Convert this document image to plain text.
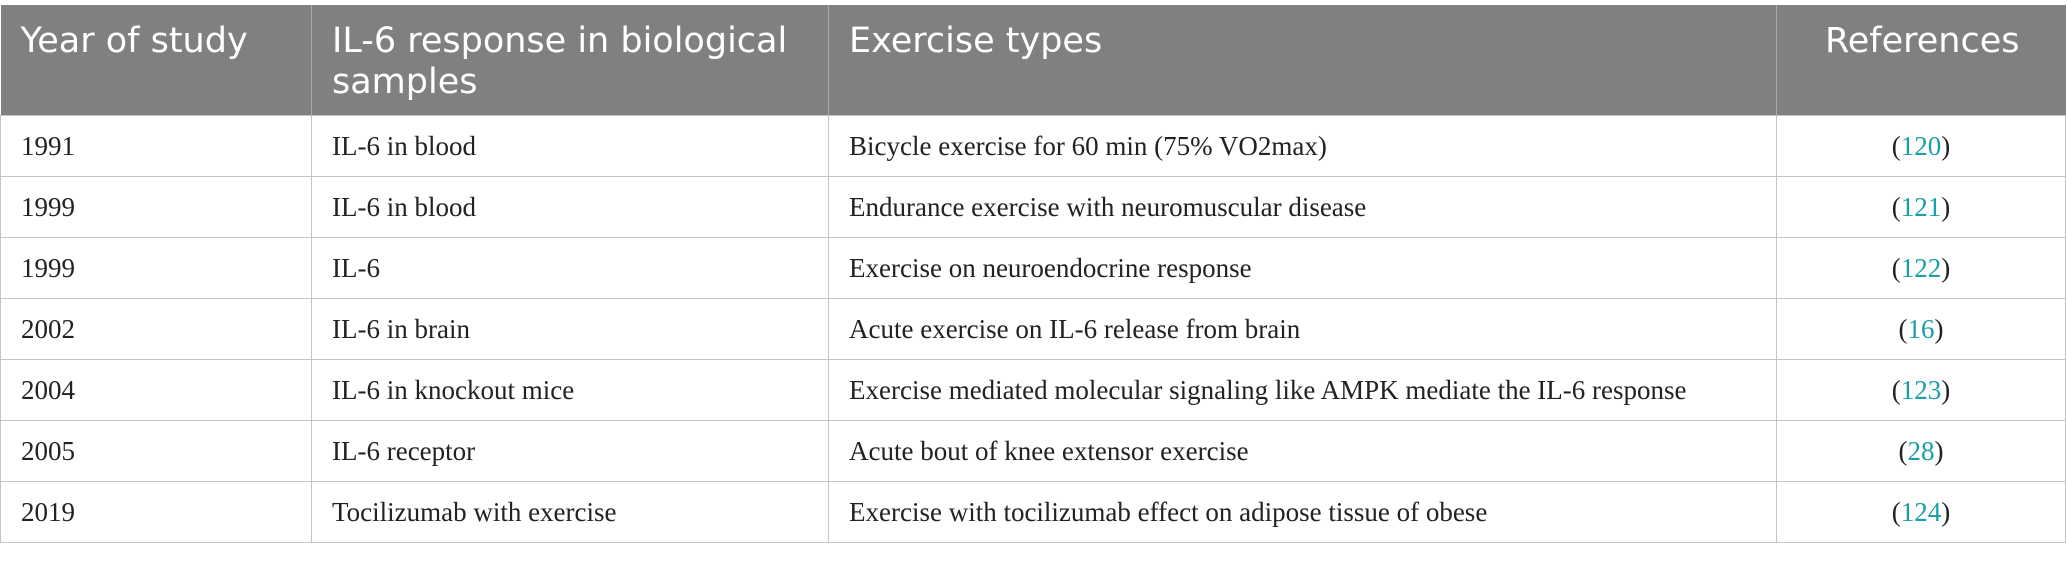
Year of study	IL-6 response in biological samples	Exercise types	References
1991	IL-6 in blood	Bicycle exercise for 60 min (75% VO2max)	(120)
1999	IL-6 in blood	Endurance exercise with neuromuscular disease	(121)
1999	IL-6	Exercise on neuroendocrine response	(122)
2002	IL-6 in brain	Acute exercise on IL-6 release from brain	(16)
2004	IL-6 in knockout mice	Exercise mediated molecular signaling like AMPK mediate the IL-6 response	(123)
2005	IL-6 receptor	Acute bout of knee extensor exercise	(28)
2019	Tocilizumab with exercise	Exercise with tocilizumab effect on adipose tissue of obese	(124)
